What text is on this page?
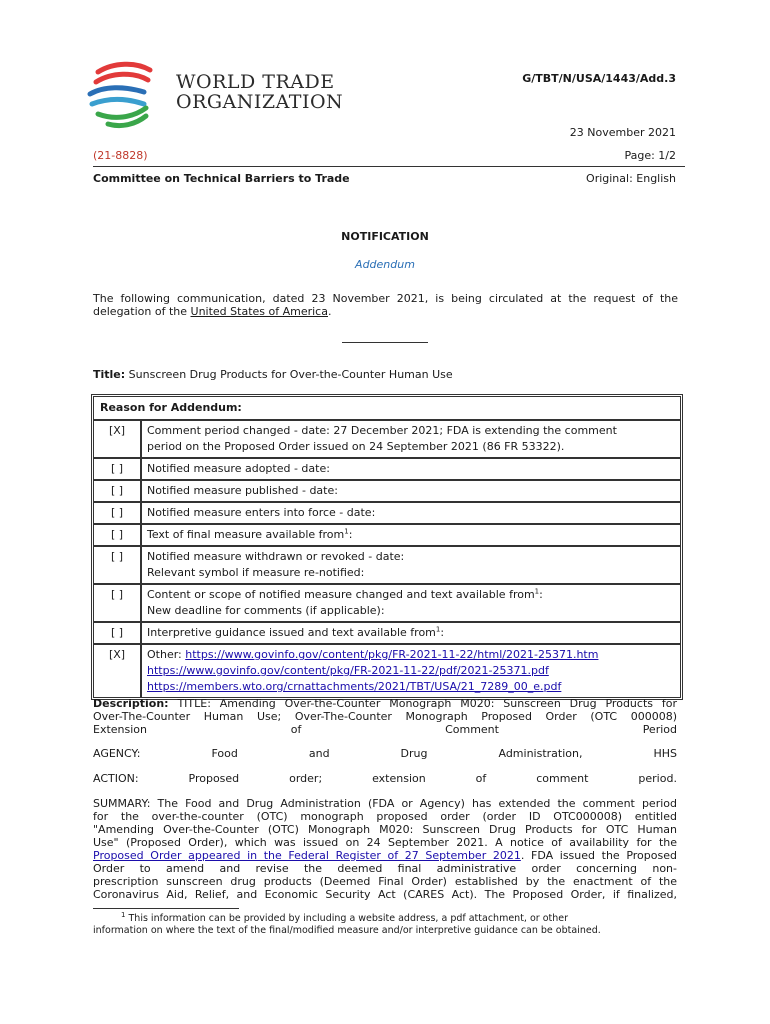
WORLD TRADE
ORGANIZATION
G/TBT/N/USA/1443/Add.3
23 November 2021
(21-8828)	Page: 1/2
Committee on Technical Barriers to Trade	Original: English
NOTIFICATION
Addendum
The following communication, dated 23 November 2021, is being circulated at the request of the delegation of the United States of America.
Title: Sunscreen Drug Products for Over-the-Counter Human Use
Reason for Addendum:	
[X]	Comment period changed - date: 27 December 2021; FDA is extending the comment
period on the Proposed Order issued on 24 September 2021 (86 FR 53322).

[ ]	Notified measure adopted - date:
[ ]	Notified measure published - date:
[ ]	Notified measure enters into force - date:
[ ]	Text of final measure available from$^1$:
[ ]	Notified measure withdrawn or revoked - date:
Relevant symbol if measure re-notified:

[ ]	Content or scope of notified measure changed and text available from$^1$:
New deadline for comments (if applicable):

[ ]	Interpretive guidance issued and text available from$^1$:
[X]	Other: https://www.govinfo.gov/content/pkg/FR-2021-11-22/html/2021-25371.htm
https://www.govinfo.gov/content/pkg/FR-2021-11-22/pdf/2021-25371.pdf
https://members.wto.org/crnattachments/2021/TBT/USA/21_7289_00_e.pdf
Description: TITLE: Amending Over-the-Counter Monograph M020: Sunscreen Drug Products for
Over-The-Counter Human Use; Over-The-Counter Monograph Proposed Order (OTC 000008)
Extension	of	Comment	Period
AGENCY:	Food	and	Drug	Administration,	HHS
ACTION:	Proposed	order;	extension	of	comment	period.
SUMMARY: The Food and Drug Administration (FDA or Agency) has extended the comment period
for the over-the-counter (OTC) monograph proposed order (order ID OTC000008) entitled
"Amending Over-the-Counter (OTC) Monograph M020: Sunscreen Drug Products for OTC Human
Use" (Proposed Order), which was issued on 24 September 2021. A notice of availability for the
Proposed Order appeared in the Federal Register of 27 September 2021. FDA issued the Proposed
Order to amend and revise the deemed final administrative order concerning non-
prescription sunscreen drug products (Deemed Final Order) established by the enactment of the
Coronavirus Aid, Relief, and Economic Security Act (CARES Act). The Proposed Order, if finalized,
$^1$ This information can be provided by including a website address, a pdf attachment, or other
information on where the text of the final/modified measure and/or interpretive guidance can be obtained.
